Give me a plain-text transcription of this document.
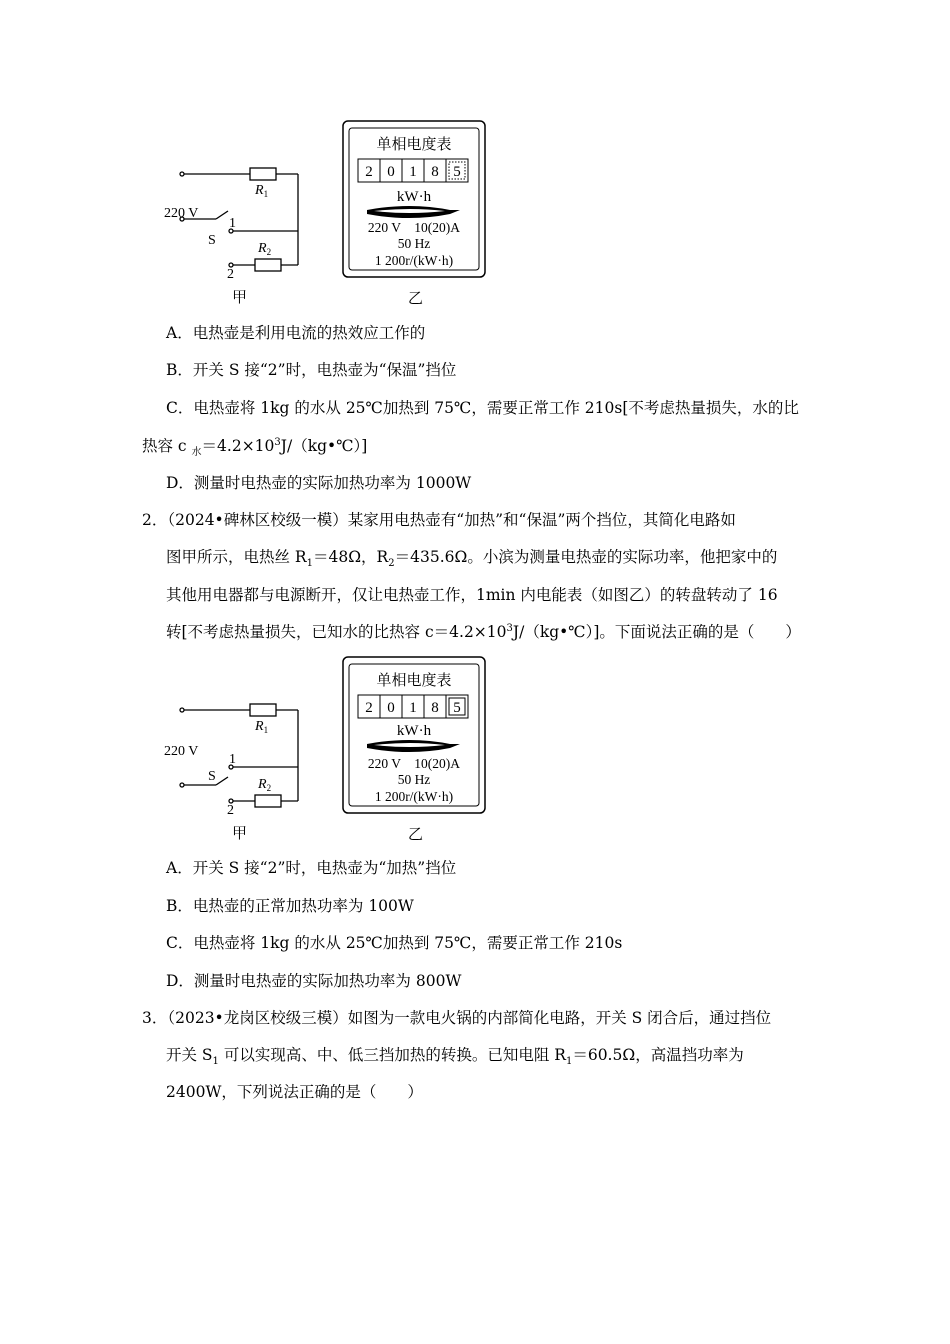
$R_1$
$R_2$
220 V
S
1
2
甲
单相电度表
2 0 1 8 5
kW·h
220 V    10(20)A
50 Hz
1 200r/(kW·h)
乙
A．电热壶是利用电流的热效应工作的
B．开关 S 接“2”时，电热壶为“保温”挡位
C．电热壶将 1kg 的水从 25℃加热到 75℃，需要正常工作 210s[不考虑热量损失，水的比
热容 c $_水=4.2\times 10^3J/(kg•℃)$]
D．测量时电热壶的实际加热功率为 1000W
2．（2024•碑林区校级一模）某家用电热壶有“加热”和“保温”两个挡位，其简化电路如
图甲所示，电热丝 $R_1=48\Omega$，$R_2=435.6\Omega$。小滨为测量电热壶的实际功率，他把家中的
其他用电器都与电源断开，仅让电热壶工作，1min 内电能表（如图乙）的转盘转动了 16
转[不考虑热量损失，已知水的比热容 $c=4.2\times 10^3J/(kg•℃)$]。下面说法正确的是（　　）
$R_1$
$R_2$
220 V
S
1
2
甲
单相电度表
2 0 1 8 5
kW·h
220 V    10(20)A
50 Hz
1 200r/(kW·h)
乙
A．开关 S 接“2”时，电热壶为“加热”挡位
B．电热壶的正常加热功率为 100W
C．电热壶将 1kg 的水从 25℃加热到 75℃，需要正常工作 210s
D．测量时电热壶的实际加热功率为 800W
3．（2023•龙岗区校级三模）如图为一款电火锅的内部简化电路，开关 S 闭合后，通过挡位
开关 $S_1$ 可以实现高、中、低三挡加热的转换。已知电阻 $R_1=60.5\Omega$，高温挡功率为
2400W，下列说法正确的是（　　）
